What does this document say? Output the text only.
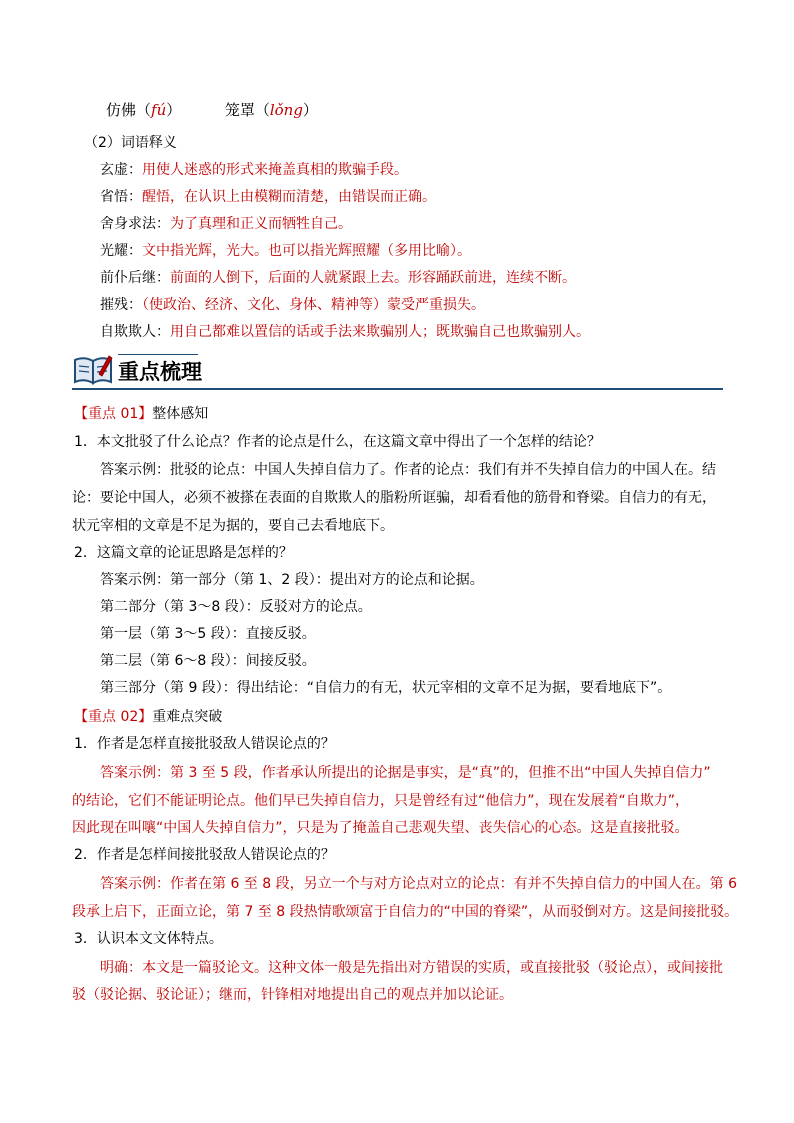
仿佛（fú）	笼罩（lǒng）
（2）词语释义
玄虚：用使人迷惑的形式来掩盖真相的欺骗手段。
省悟：醒悟，在认识上由模糊而清楚，由错误而正确。
舍身求法：为了真理和正义而牺牲自己。
光耀：文中指光辉，光大。也可以指光辉照耀（多用比喻）。
前仆后继：前面的人倒下，后面的人就紧跟上去。形容踊跃前进，连续不断。
摧残：（使政治、经济、文化、身体、精神等）蒙受严重损失。
自欺欺人：用自己都难以置信的话或手法来欺骗别人；既欺骗自己也欺骗别人。
重点梳理
【重点 01】整体感知
1．本文批驳了什么论点？作者的论点是什么，在这篇文章中得出了一个怎样的结论？
答案示例：批驳的论点：中国人失掉自信力了。作者的论点：我们有并不失掉自信力的中国人在。结
论：要论中国人，必须不被搽在表面的自欺欺人的脂粉所诓骗，却看看他的筋骨和脊梁。自信力的有无，
状元宰相的文章是不足为据的，要自己去看地底下。
2．这篇文章的论证思路是怎样的？
答案示例：第一部分（第 1、2 段）：提出对方的论点和论据。
第二部分（第 3～8 段）：反驳对方的论点。
第一层（第 3～5 段）：直接反驳。
第二层（第 6～8 段）：间接反驳。
第三部分（第 9 段）：得出结论：“自信力的有无，状元宰相的文章不足为据，要看地底下”。
【重点 02】重难点突破
1．作者是怎样直接批驳敌人错误论点的？
答案示例：第 3 至 5 段，作者承认所提出的论据是事实，是“真”的，但推不出“中国人失掉自信力”
的结论，它们不能证明论点。他们早已失掉自信力，只是曾经有过“他信力”，现在发展着“自欺力”，
因此现在叫嚷“中国人失掉自信力”，只是为了掩盖自己悲观失望、丧失信心的心态。这是直接批驳。
2．作者是怎样间接批驳敌人错误论点的？
答案示例：作者在第 6 至 8 段，另立一个与对方论点对立的论点：有并不失掉自信力的中国人在。第 6
段承上启下，正面立论，第 7 至 8 段热情歌颂富于自信力的“中国的脊梁”，从而驳倒对方。这是间接批驳。
3．认识本文文体特点。
明确：本文是一篇驳论文。这种文体一般是先指出对方错误的实质，或直接批驳（驳论点），或间接批
驳（驳论据、驳论证）；继而，针锋相对地提出自己的观点并加以论证。
